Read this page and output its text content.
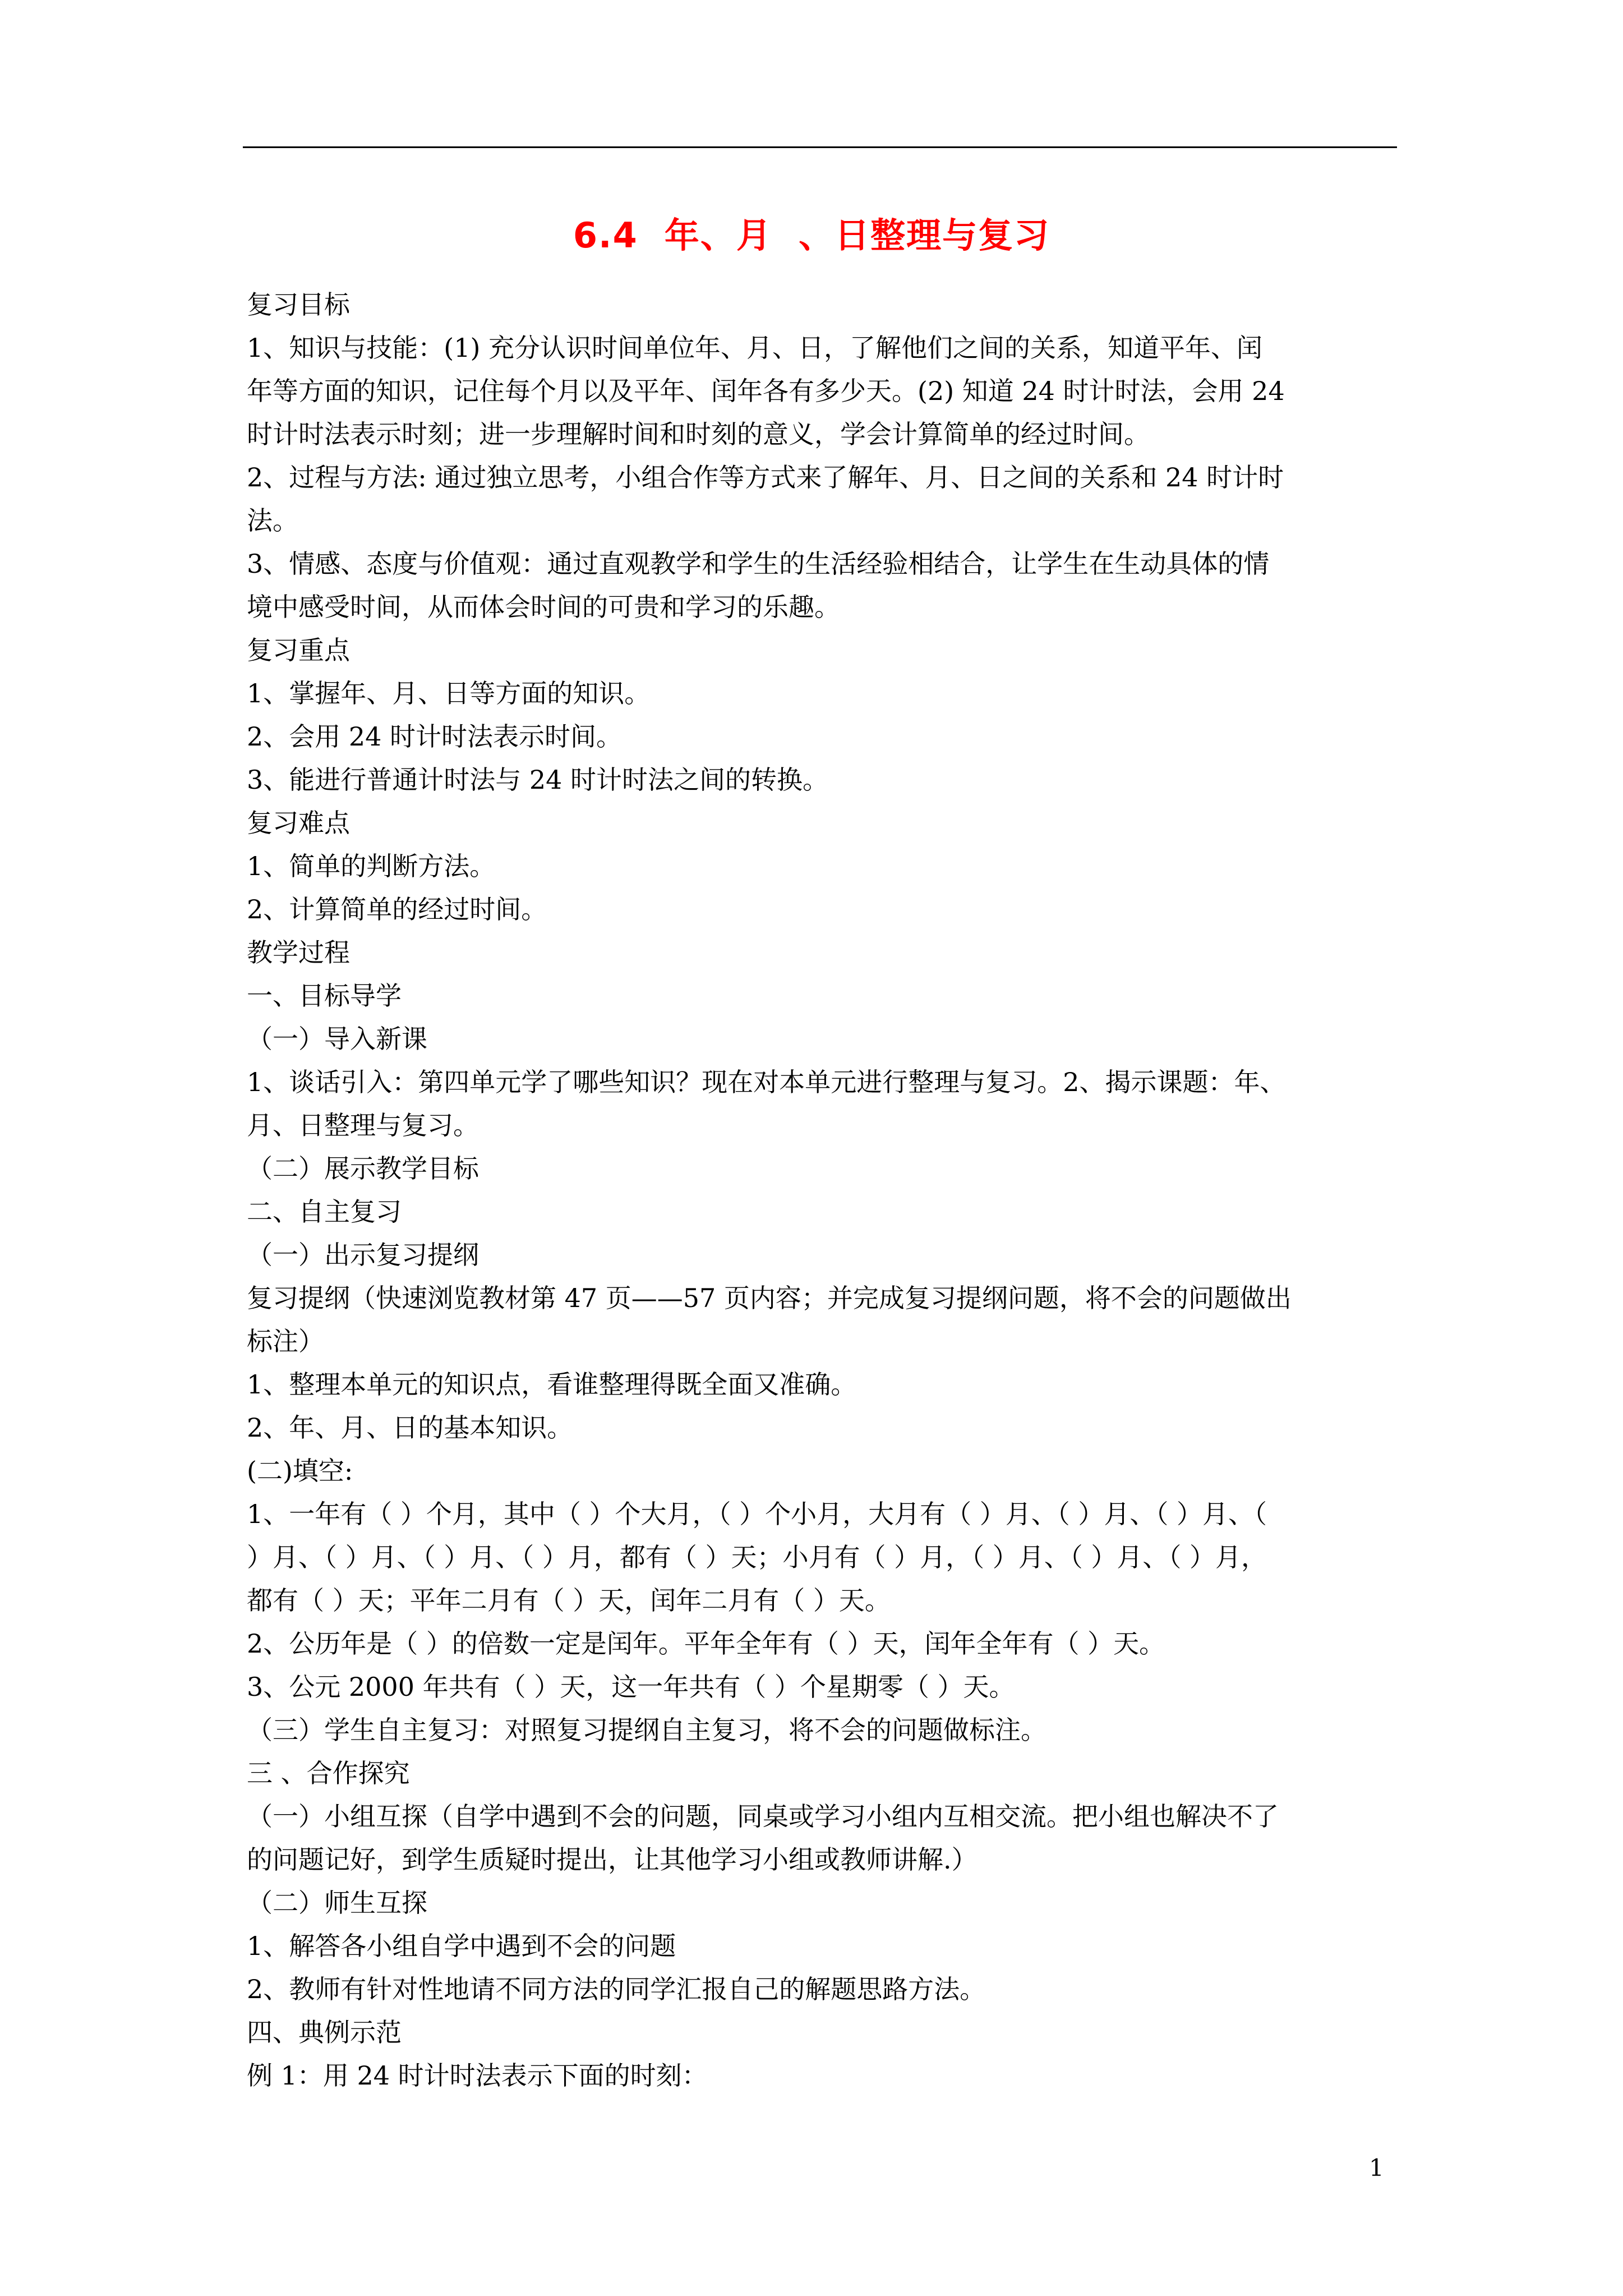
6.4  年、月  、日整理与复习
复习目标
1、知识与技能：(1) 充分认识时间单位年、月、日，了解他们之间的关系，知道平年、闰
年等方面的知识，记住每个月以及平年、闰年各有多少天。(2) 知道 24 时计时法，会用 24
时计时法表示时刻；进一步理解时间和时刻的意义，学会计算简单的经过时间。
2、过程与方法: 通过独立思考，小组合作等方式来了解年、月、日之间的关系和 24 时计时
法。
3、情感、态度与价值观：通过直观教学和学生的生活经验相结合，让学生在生动具体的情
境中感受时间，从而体会时间的可贵和学习的乐趣。
复习重点
1、掌握年、月、日等方面的知识。
2、会用 24 时计时法表示时间。
3、能进行普通计时法与 24 时计时法之间的转换。
复习难点
1、简单的判断方法。
2、计算简单的经过时间。
教学过程
一、目标导学
（一）导入新课
1、谈话引入：第四单元学了哪些知识？现在对本单元进行整理与复习。2、揭示课题：年、
月、日整理与复习。
（二）展示教学目标
二、自主复习
（一）出示复习提纲
复习提纲（快速浏览教材第 47 页——57 页内容；并完成复习提纲问题，将不会的问题做出
标注）
1、整理本单元的知识点，看谁整理得既全面又准确。
2、年、月、日的基本知识。
(二)填空:
1、一年有（ ）个月，其中（ ）个大月，（ ）个小月，大月有（ ）月、（ ）月、（ ）月、（
）月、（ ）月、（ ）月、（ ）月，都有（ ）天；小月有（ ）月，（ ）月、（ ）月、（ ）月，
都有（ ）天；平年二月有（ ）天，闰年二月有（ ）天。
2、公历年是（ ）的倍数一定是闰年。平年全年有（ ）天，闰年全年有（ ）天。
3、公元 2000 年共有（ ）天，这一年共有（ ）个星期零（ ）天。
（三）学生自主复习：对照复习提纲自主复习，将不会的问题做标注。
三 、合作探究
（一）小组互探（自学中遇到不会的问题，同桌或学习小组内互相交流。把小组也解决不了
的问题记好，到学生质疑时提出，让其他学习小组或教师讲解.）
（二）师生互探
1、解答各小组自学中遇到不会的问题
2、教师有针对性地请不同方法的同学汇报自己的解题思路方法。
四、典例示范
例 1：用 24 时计时法表示下面的时刻：
1
